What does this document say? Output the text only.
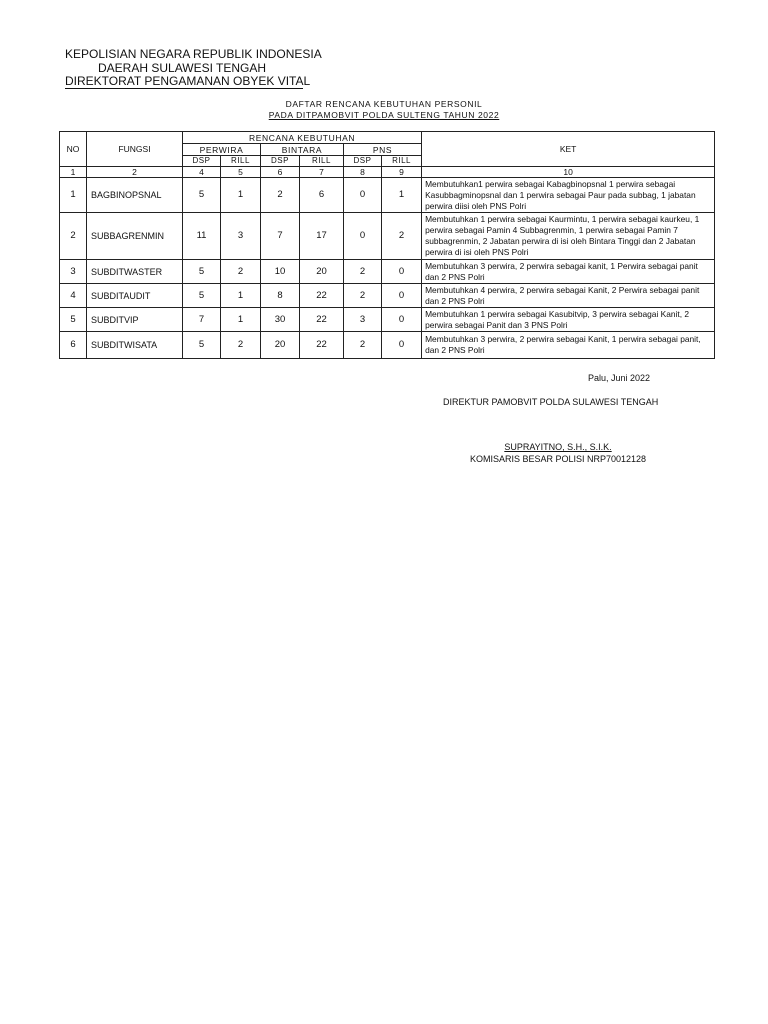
KEPOLISIAN NEGARA REPUBLIK INDONESIA
DAERAH SULAWESI TENGAH
DIREKTORAT PENGAMANAN OBYEK VITAL
DAFTAR RENCANA KEBUTUHAN PERSONIL
PADA DITPAMOBVIT POLDA SULTENG TAHUN 2022
NO	FUNGSI	RENCANA KEBUTUHAN						KET
		PERWIRA		BINTARA		PNS		
		DSP	RILL	DSP	RILL	DSP	RILL	
1	2	4	5	6	7	8	9	10
1	BAGBINOPSNAL	5	1	2	6	0	1	Membutuhkan1 perwira sebagai Kabagbinopsnal 1 perwira sebagai Kasubbagminopsnal dan 1 perwira sebagai Paur pada subbag, 1 jabatan perwira diisi oleh PNS Polri
2	SUBBAGRENMIN	11	3	7	17	0	2	Membutuhkan 1 perwira sebagai Kaurmintu, 1 perwira sebagai kaurkeu, 1 perwira sebagai Pamin 4 Subbagrenmin, 1 perwira sebagai Pamin 7 subbagrenmin, 2 Jabatan perwira di isi oleh Bintara Tinggi dan 2 Jabatan perwira di isi oleh PNS Polri
3	SUBDITWASTER	5	2	10	20	2	0	Membutuhkan 3 perwira, 2 perwira sebagai kanit, 1 Perwira sebagai panit dan 2 PNS Polri
4	SUBDITAUDIT	5	1	8	22	2	0	Membutuhkan 4 perwira, 2 perwira sebagai Kanit, 2 Perwira sebagai panit dan 2 PNS Polri
5	SUBDITVIP	7	1	30	22	3	0	Membutuhkan 1 perwira sebagai Kasubitvip, 3 perwira sebagai Kanit, 2 perwira sebagai Panit dan 3 PNS Polri
6	SUBDITWISATA	5	2	20	22	2	0	Membutuhkan 3 perwira, 2 perwira sebagai Kanit, 1 perwira sebagai panit, dan 2 PNS Polri
Palu, Juni 2022
DIREKTUR PAMOBVIT POLDA SULAWESI TENGAH
SUPRAYITNO, S.H., S.I.K.
KOMISARIS BESAR POLISI NRP70012128
